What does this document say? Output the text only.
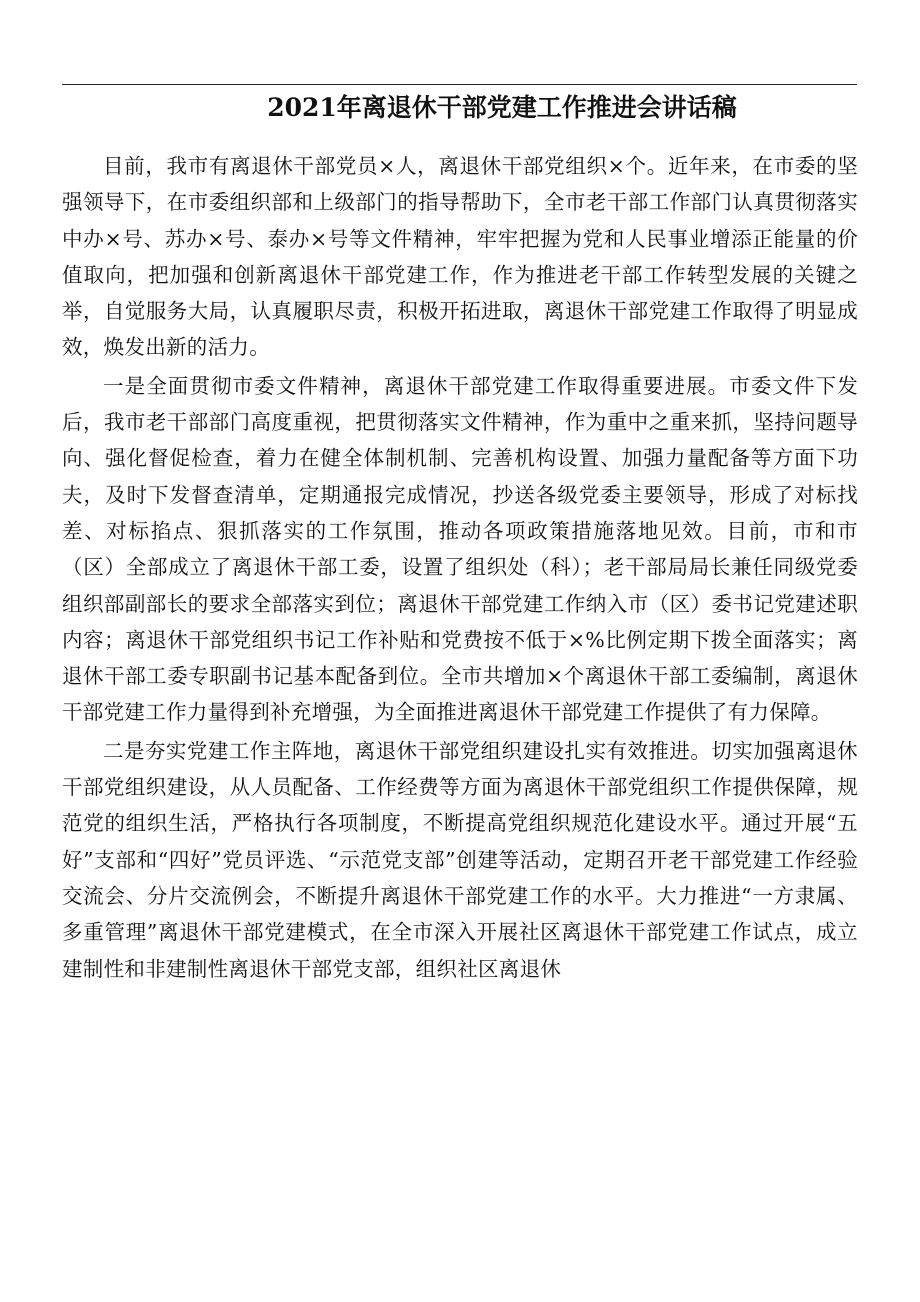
2021年离退休干部党建工作推进会讲话稿

目前，我市有离退休干部党员×人，离退休干部党组织×个。近年来，在市委的坚强领导下，在市委组织部和上级部门的指导帮助下，全市老干部工作部门认真贯彻落实中办×号、苏办×号、泰办×号等文件精神，牢牢把握为党和人民事业增添正能量的价值取向，把加强和创新离退休干部党建工作，作为推进老干部工作转型发展的关键之举，自觉服务大局，认真履职尽责，积极开拓进取，离退休干部党建工作取得了明显成效，焕发出新的活力。

一是全面贯彻市委文件精神，离退休干部党建工作取得重要进展。市委文件下发后，我市老干部部门高度重视，把贯彻落实文件精神，作为重中之重来抓，坚持问题导向、强化督促检查，着力在健全体制机制、完善机构设置、加强力量配备等方面下功夫，及时下发督查清单，定期通报完成情况，抄送各级党委主要领导，形成了对标找差、对标掐点、狠抓落实的工作氛围，推动各项政策措施落地见效。目前，市和市（区）全部成立了离退休干部工委，设置了组织处（科）；老干部局局长兼任同级党委组织部副部长的要求全部落实到位；离退休干部党建工作纳入市（区）委书记党建述职内容；离退休干部党组织书记工作补贴和党费按不低于×%比例定期下拨全面落实；离退休干部工委专职副书记基本配备到位。全市共增加×个离退休干部工委编制，离退休干部党建工作力量得到补充增强，为全面推进离退休干部党建工作提供了有力保障。

二是夯实党建工作主阵地，离退休干部党组织建设扎实有效推进。切实加强离退休干部党组织建设，从人员配备、工作经费等方面为离退休干部党组织工作提供保障，规范党的组织生活，严格执行各项制度，不断提高党组织规范化建设水平。通过开展“五好”支部和“四好”党员评选、“示范党支部”创建等活动，定期召开老干部党建工作经验交流会、分片交流例会，不断提升离退休干部党建工作的水平。大力推进“一方隶属、多重管理”离退休干部党建模式，在全市深入开展社区离退休干部党建工作试点，成立建制性和非建制性离退休干部党支部，组织社区离退休
